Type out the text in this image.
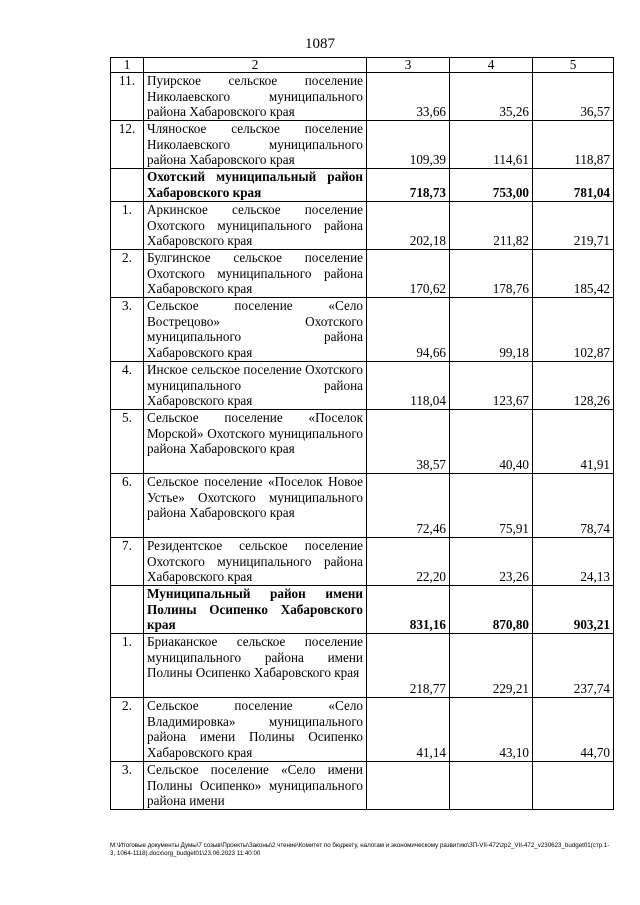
1087
1	2	3	4	5
11.	Пуирское сельское поселение Николаевского муниципального района Хабаровского края	33,66	35,26	36,57
12.	Чляноское сельское поселение Николаевского муниципального района Хабаровского края	109,39	114,61	118,87
	Охотский муниципальный район Хабаровского края	718,73	753,00	781,04
1.	Аркинское сельское поселение Охотского муниципального района Хабаровского края	202,18	211,82	219,71
2.	Булгинское сельское поселение Охотского муниципального района Хабаровского края	170,62	178,76	185,42
3.	Сельское поселение «Село Вострецово» Охотского муниципального района Хабаровского края	94,66	99,18	102,87
4.	Инское сельское поселение Охотского муниципального района Хабаровского края	118,04	123,67	128,26
5.	Сельское поселение «Поселок Морской» Охотского муниципального района Хабаровского края	38,57	40,40	41,91
6.	Сельское поселение «Поселок Новое Устье» Охотского муниципального района Хабаровского края	72,46	75,91	78,74
7.	Резидентское сельское поселение Охотского муниципального района Хабаровского края	22,20	23,26	24,13
	Муниципальный район имени Полины Осипенко Хабаровского края	831,16	870,80	903,21
1.	Бриаканское сельское поселение муниципального района имени Полины Осипенко Хабаровского края	218,77	229,21	237,74
2.	Сельское поселение «Село Владимировка» муниципального района имени Полины Осипенко Хабаровского края	41,14	43,10	44,70
3.	Сельское поселение «Село имени Полины Осипенко» муниципального района имени			
M:\Итоговые документы Думы\7 созыв\Проекты\Законы\2 чтение\Комитет по бюджету, налогам и экономическому развитию\ЗП-VII-472\zp2_VII-472_v230623_budget01(стр.1-3, 1064-1118).docx\org_budget01\23.06.2023 11:40:00
